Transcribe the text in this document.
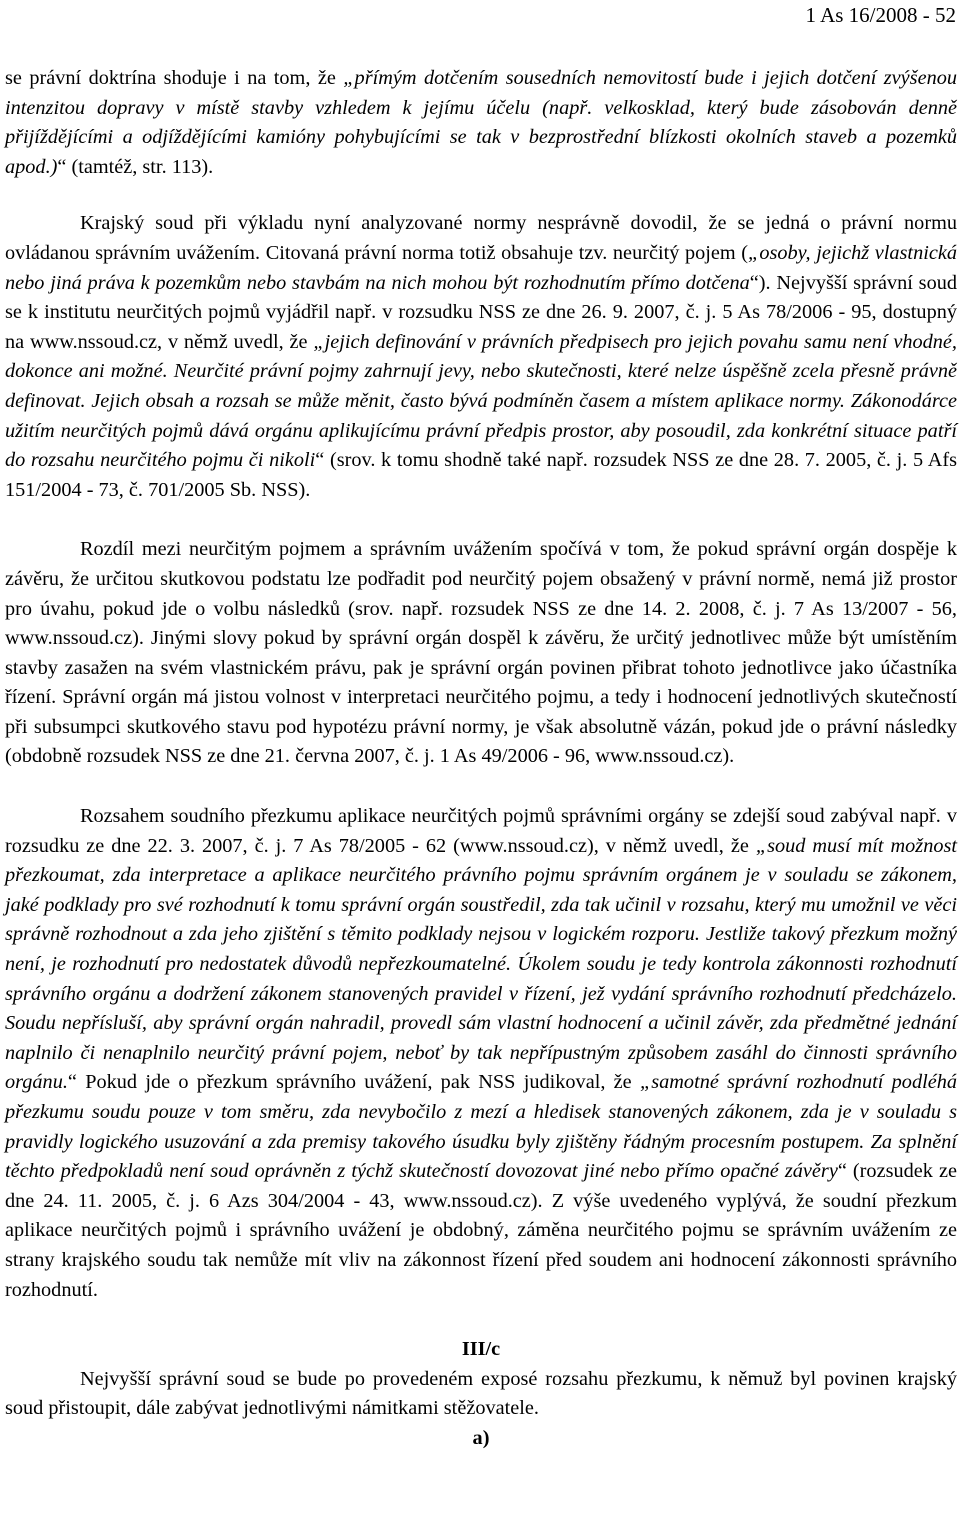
1 As 16/2008 - 52

se právní doktrína shoduje i na tom, že „přímým dotčením sousedních nemovitostí bude i jejich dotčení zvýšenou intenzitou dopravy v místě stavby vzhledem k jejímu účelu (např. velkosklad, který bude zásobován denně přijíždějícími a odjíždějícími kamióny pohybujícími se tak v bezprostřední blízkosti okolních staveb a pozemků apod.)“ (tamtéž, str. 113).

Krajský soud při výkladu nyní analyzované normy nesprávně dovodil, že se jedná o právní normu ovládanou správním uvážením. Citovaná právní norma totiž obsahuje tzv. neurčitý pojem („osoby, jejichž vlastnická nebo jiná práva k pozemkům nebo stavbám na nich mohou být rozhodnutím přímo dotčena“). Nejvyšší správní soud se k institutu neurčitých pojmů vyjádřil např. v rozsudku NSS ze dne 26. 9. 2007, č. j. 5 As 78/2006 - 95, dostupný na www.nssoud.cz, v němž uvedl, že „jejich definování v právních předpisech pro jejich povahu samu není vhodné, dokonce ani možné. Neurčité právní pojmy zahrnují jevy, nebo skutečnosti, které nelze úspěšně zcela přesně právně definovat. Jejich obsah a rozsah se může měnit, často bývá podmíněn časem a místem aplikace normy. Zákonodárce užitím neurčitých pojmů dává orgánu aplikujícímu právní předpis prostor, aby posoudil, zda konkrétní situace patří do rozsahu neurčitého pojmu či nikoli“ (srov. k tomu shodně také např. rozsudek NSS ze dne 28. 7. 2005, č. j. 5 Afs 151/2004 - 73, č. 701/2005 Sb. NSS).

Rozdíl mezi neurčitým pojmem a správním uvážením spočívá v tom, že pokud správní orgán dospěje k závěru, že určitou skutkovou podstatu lze podřadit pod neurčitý pojem obsažený v právní normě, nemá již prostor pro úvahu, pokud jde o volbu následků (srov. např. rozsudek NSS ze dne 14. 2. 2008, č. j. 7 As 13/2007 - 56, www.nssoud.cz). Jinými slovy pokud by správní orgán dospěl k závěru, že určitý jednotlivec může být umístěním stavby zasažen na svém vlastnickém právu, pak je správní orgán povinen přibrat tohoto jednotlivce jako účastníka řízení. Správní orgán má jistou volnost v interpretaci neurčitého pojmu, a tedy i hodnocení jednotlivých skutečností při subsumpci skutkového stavu pod hypotézu právní normy, je však absolutně vázán, pokud jde o právní následky (obdobně rozsudek NSS ze dne 21. června 2007, č. j. 1 As 49/2006 - 96, www.nssoud.cz).

Rozsahem soudního přezkumu aplikace neurčitých pojmů správními orgány se zdejší soud zabýval např. v rozsudku ze dne 22. 3. 2007, č. j. 7 As 78/2005 - 62 (www.nssoud.cz), v němž uvedl, že „soud musí mít možnost přezkoumat, zda interpretace a aplikace neurčitého právního pojmu správním orgánem je v souladu se zákonem, jaké podklady pro své rozhodnutí k tomu správní orgán soustředil, zda tak učinil v rozsahu, který mu umožnil ve věci správně rozhodnout a zda jeho zjištění s těmito podklady nejsou v logickém rozporu. Jestliže takový přezkum možný není, je rozhodnutí pro nedostatek důvodů nepřezkoumatelné. Úkolem soudu je tedy kontrola zákonnosti rozhodnutí správního orgánu a dodržení zákonem stanovených pravidel v řízení, jež vydání správního rozhodnutí předcházelo. Soudu nepřísluší, aby správní orgán nahradil, provedl sám vlastní hodnocení a učinil závěr, zda předmětné jednání naplnilo či nenaplnilo neurčitý právní pojem, neboť by tak nepřípustným způsobem zasáhl do činnosti správního orgánu.“ Pokud jde o přezkum správního uvážení, pak NSS judikoval, že „samotné správní rozhodnutí podléhá přezkumu soudu pouze v tom směru, zda nevybočilo z mezí a hledisek stanovených zákonem, zda je v souladu s pravidly logického usuzování a zda premisy takového úsudku byly zjištěny řádným procesním postupem. Za splnění těchto předpokladů není soud oprávněn z týchž skutečností dovozovat jiné nebo přímo opačné závěry“ (rozsudek ze dne 24. 11. 2005, č. j. 6 Azs 304/2004 - 43, www.nssoud.cz). Z výše uvedeného vyplývá, že soudní přezkum aplikace neurčitých pojmů i správního uvážení je obdobný, záměna neurčitého pojmu se správním uvážením ze strany krajského soudu tak nemůže mít vliv na zákonnost řízení před soudem ani hodnocení zákonnosti správního rozhodnutí.

III/c

Nejvyšší správní soud se bude po provedeném exposé rozsahu přezkumu, k němuž byl povinen krajský soud přistoupit, dále zabývat jednotlivými námitkami stěžovatele.

a)
